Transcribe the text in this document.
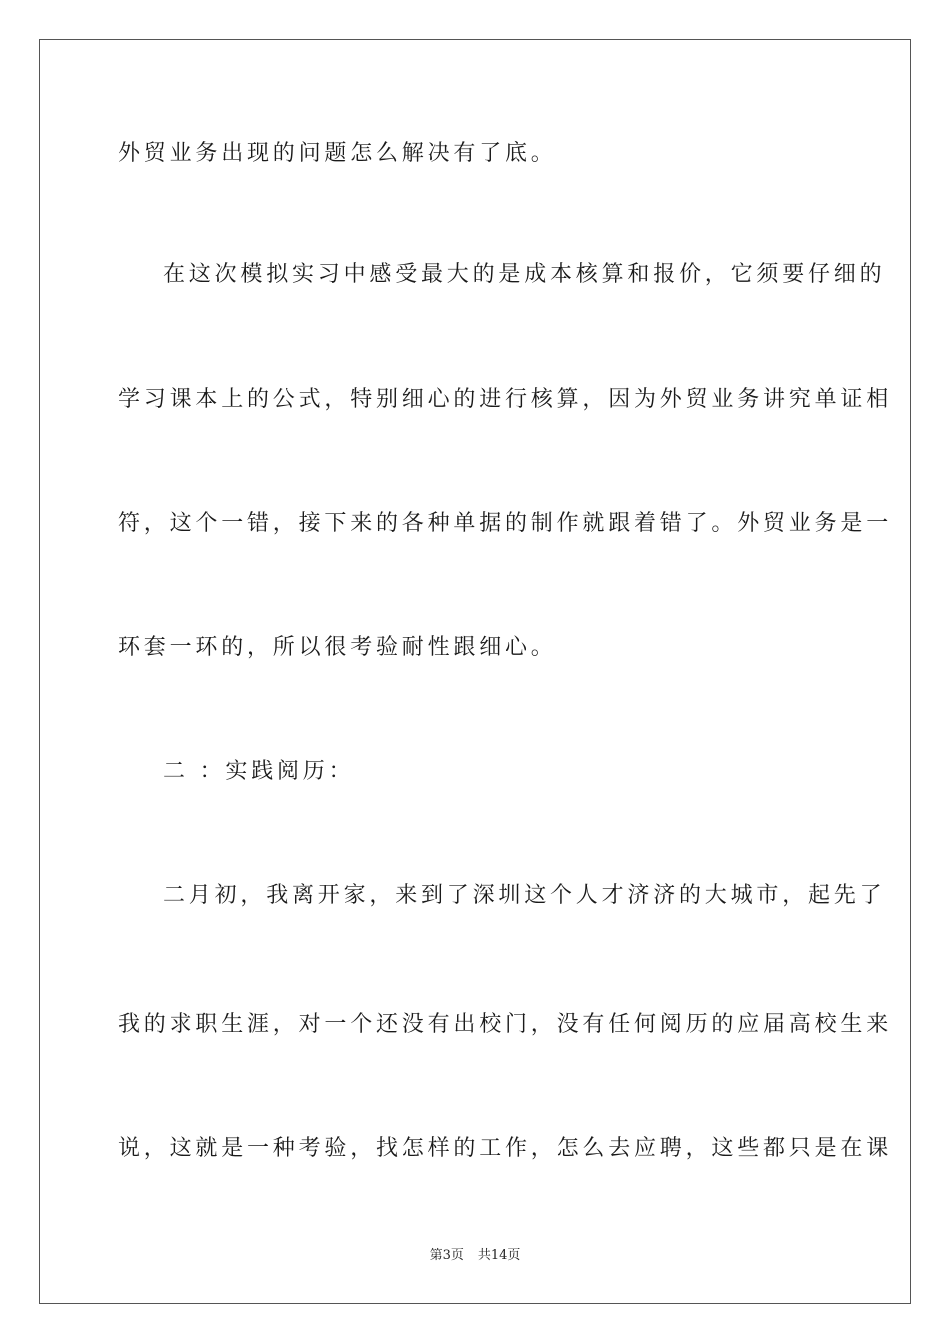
外贸业务出现的问题怎么解决有了底。
在这次模拟实习中感受最大的是成本核算和报价，它须要仔细的
学习课本上的公式，特别细心的进行核算，因为外贸业务讲究单证相
符，这个一错，接下来的各种单据的制作就跟着错了。外贸业务是一
环套一环的，所以很考验耐性跟细心。
二 ：实践阅历：
二月初，我离开家，来到了深圳这个人才济济的大城市，起先了
我的求职生涯，对一个还没有出校门，没有任何阅历的应届高校生来
说，这就是一种考验，找怎样的工作，怎么去应聘，这些都只是在课
第3页 共14页
